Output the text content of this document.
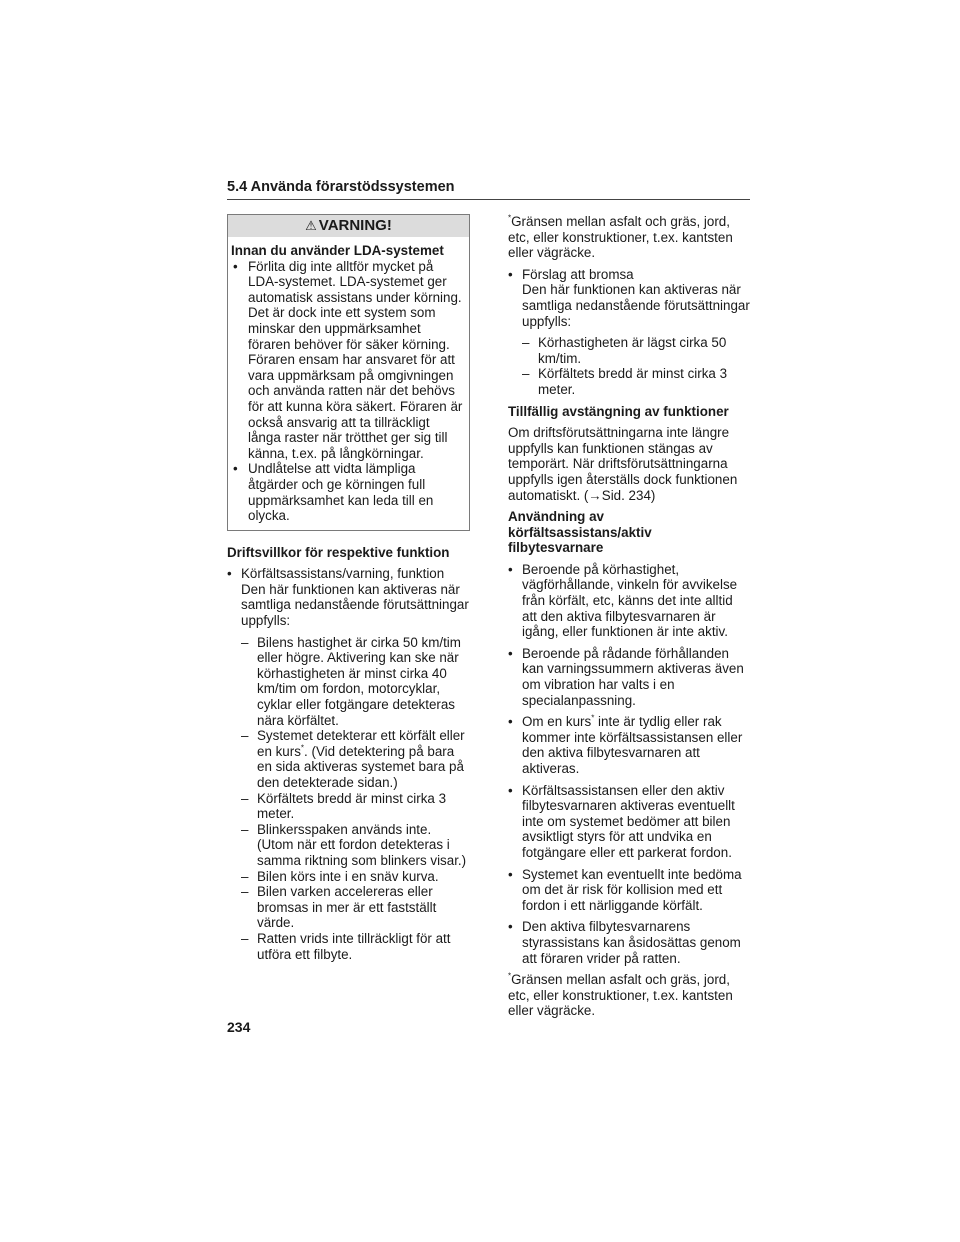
5.4 Använda förarstödssystemen
⚠ VARNING!
Innan du använder LDA-systemet
• Förlita dig inte alltför mycket på LDA-systemet. LDA-systemet ger automatisk assistans under körning. Det är dock inte ett system som minskar den uppmärksamhet föraren behöver för säker körning. Föraren ensam har ansvaret för att vara uppmärksam på omgivningen och använda ratten när det behövs för att kunna köra säkert. Föraren är också ansvarig att ta tillräckligt långa raster när trötthet ger sig till känna, t.ex. på långkörningar.
• Undlåtelse att vidta lämpliga åtgärder och ge körningen full uppmärksamhet kan leda till en olycka.
Driftsvillkor för respektive funktion
• Körfältsassistans/varning, funktion
Den här funktionen kan aktiveras när samtliga nedanstående förutsättningar uppfylls:
– Bilens hastighet är cirka 50 km/tim eller högre. Aktivering kan ske när körhastigheten är minst cirka 40 km/tim om fordon, motorcyklar, cyklar eller fotgängare detekteras nära körfältet.
– Systemet detekterar ett körfält eller en kurs*. (Vid detektering på bara en sida aktiveras systemet bara på den detekterade sidan.)
– Körfältets bredd är minst cirka 3 meter.
– Blinkersspaken används inte. (Utom när ett fordon detekteras i samma riktning som blinkers visar.)
– Bilen körs inte i en snäv kurva.
– Bilen varken accelereras eller bromsas in mer är ett fastställt värde.
– Ratten vrids inte tillräckligt för att utföra ett filbyte.
*Gränsen mellan asfalt och gräs, jord, etc, eller konstruktioner, t.ex. kantsten eller vägräcke.
• Förslag att bromsa
Den här funktionen kan aktiveras när samtliga nedanstående förutsättningar uppfylls:
– Körhastigheten är lägst cirka 50 km/tim.
– Körfältets bredd är minst cirka 3 meter.
Tillfällig avstängning av funktioner
Om driftsförutsättningarna inte längre uppfylls kan funktionen stängas av temporärt. När driftsförutsättningarna uppfylls igen återställs dock funktionen automatiskt. (→Sid. 234)
Användning av körfältsassistans/aktiv filbytesvarnare
• Beroende på körhastighet, vägförhållande, vinkeln för avvikelse från körfält, etc, känns det inte alltid att den aktiva filbytesvarnaren är igång, eller funktionen är inte aktiv.
• Beroende på rådande förhållanden kan varningssummern aktiveras även om vibration har valts i en specialanpassning.
• Om en kurs* inte är tydlig eller rak kommer inte körfältsassistansen eller den aktiva filbytesvarnaren att aktiveras.
• Körfältsassistansen eller den aktiv filbytesvarnaren aktiveras eventuellt inte om systemet bedömer att bilen avsiktligt styrs för att undvika en fotgängare eller ett parkerat fordon.
• Systemet kan eventuellt inte bedöma om det är risk för kollision med ett fordon i ett närliggande körfält.
• Den aktiva filbytesvarnarens styrassistans kan åsidosättas genom att föraren vrider på ratten.
*Gränsen mellan asfalt och gräs, jord, etc, eller konstruktioner, t.ex. kantsten eller vägräcke.
234
